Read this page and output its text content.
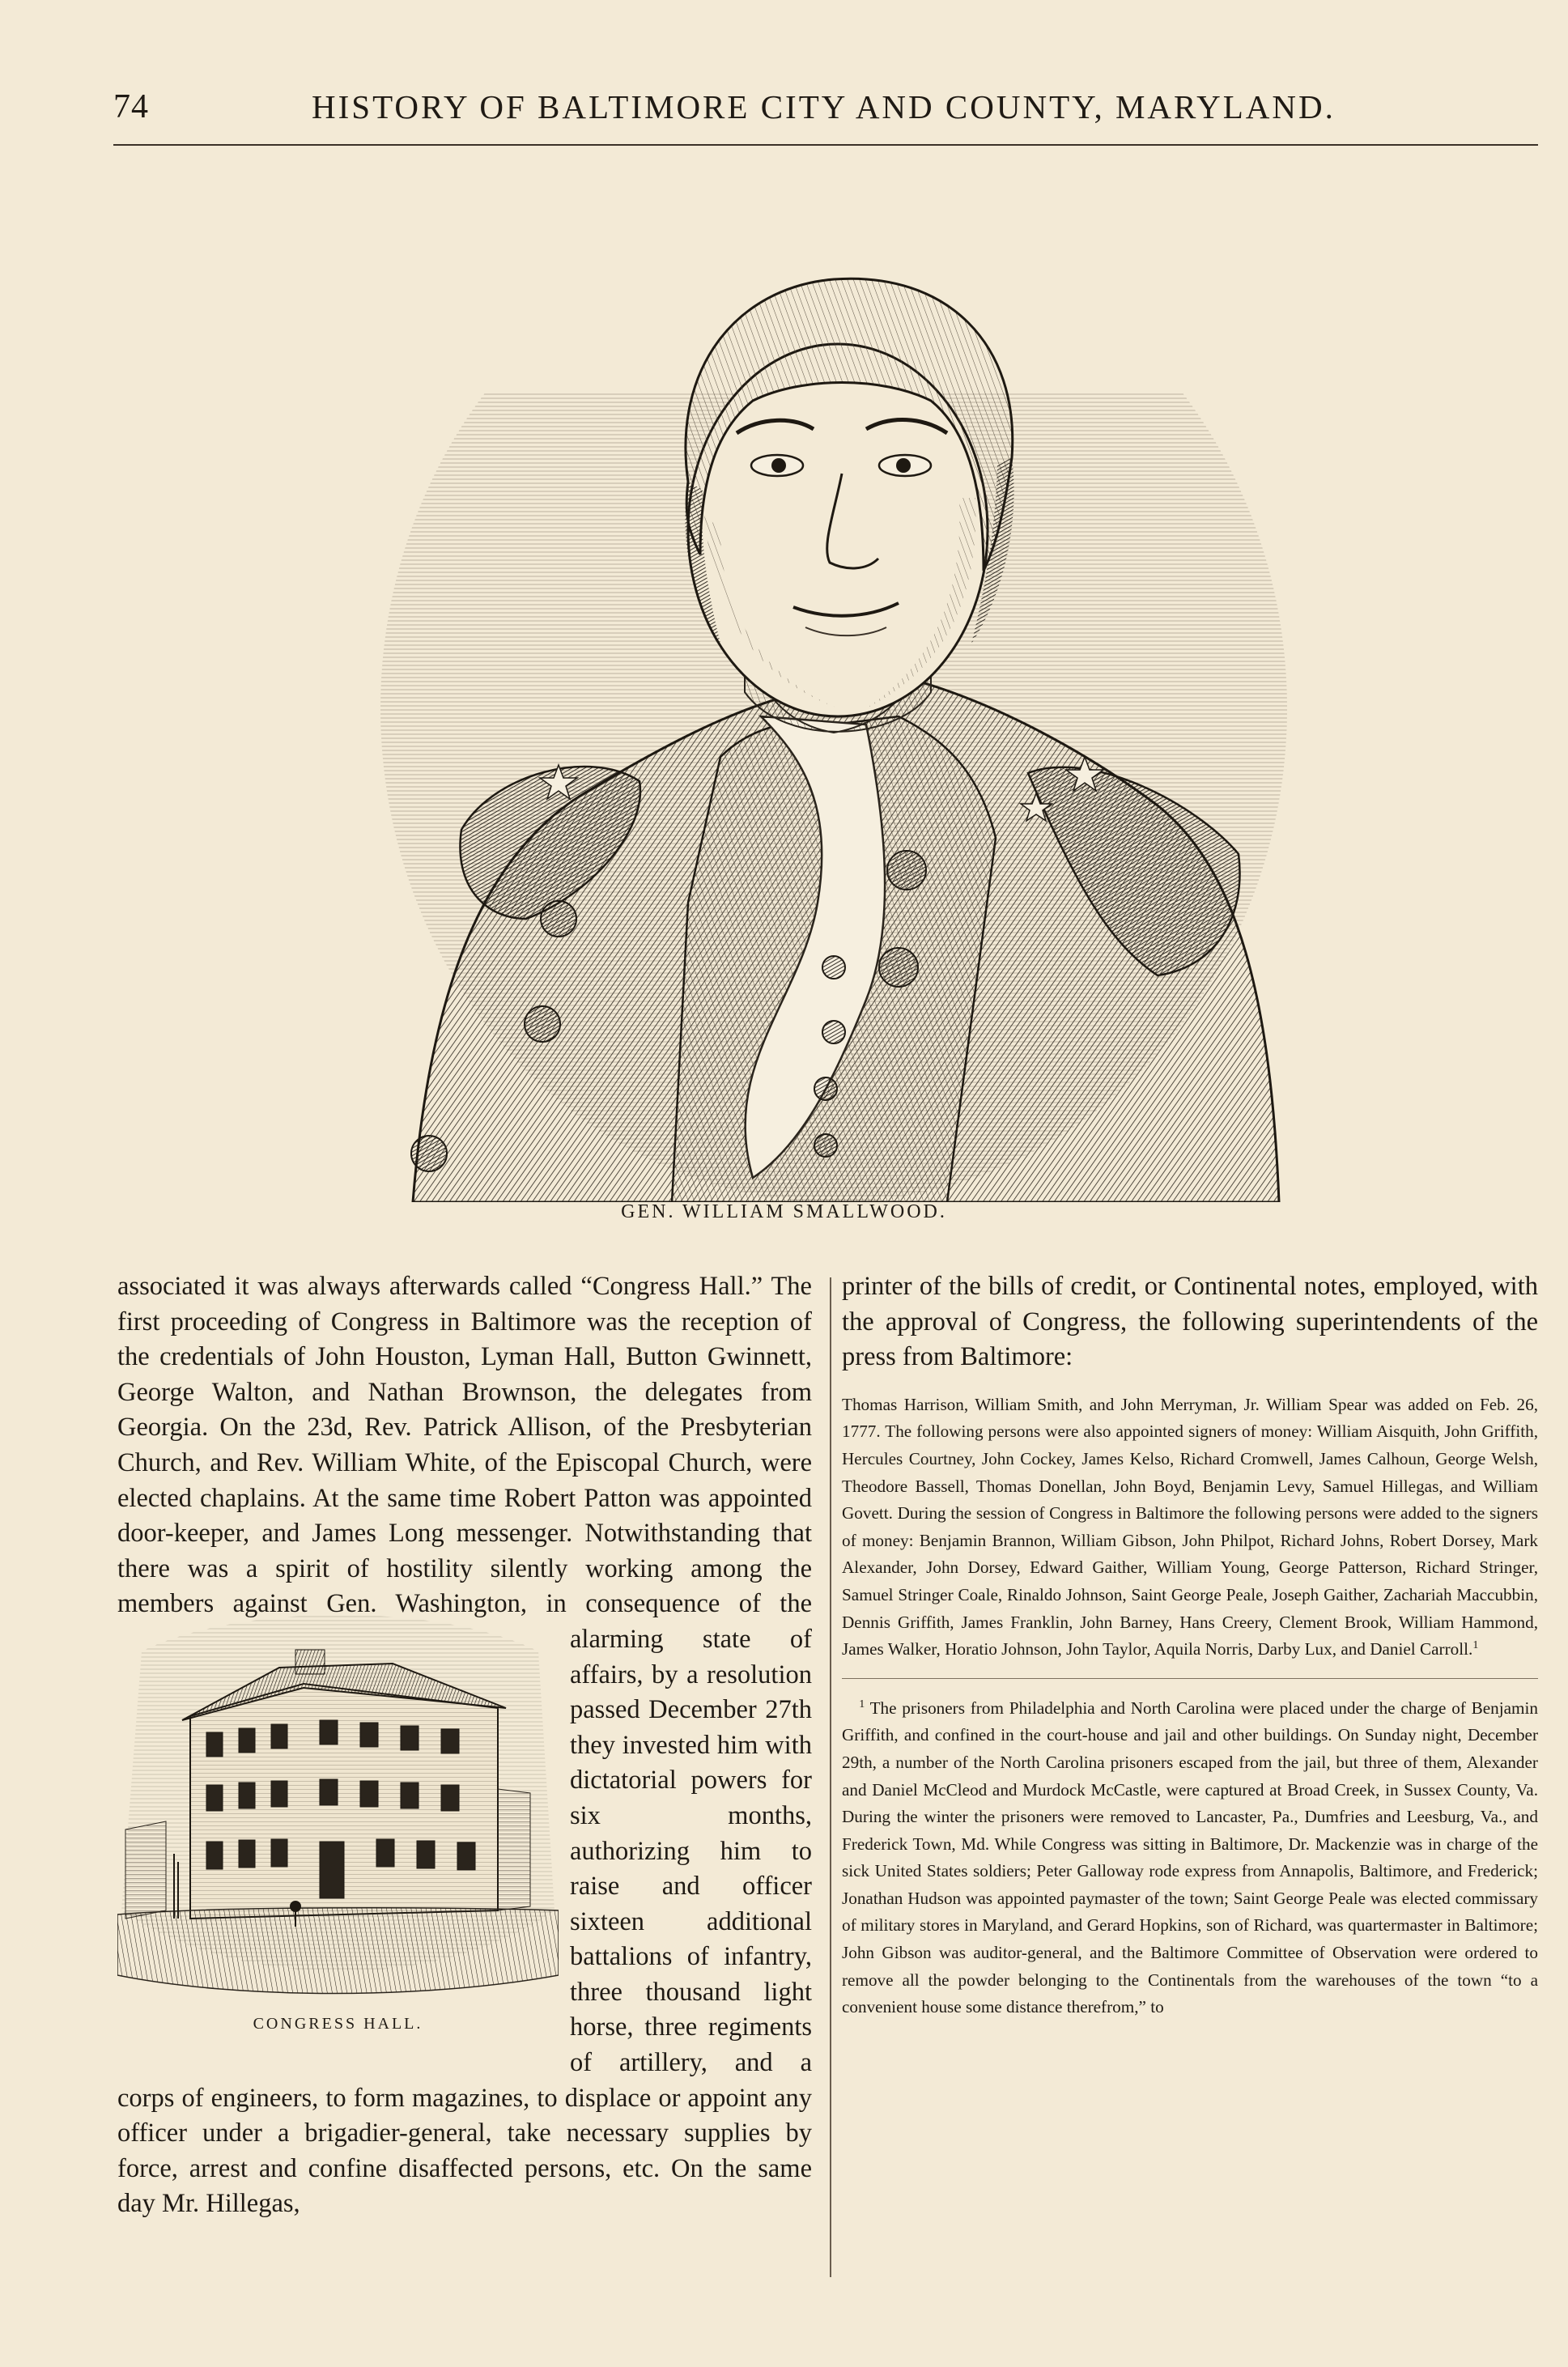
74	HISTORY OF BALTIMORE CITY AND COUNTY, MARYLAND.
GEN. WILLIAM SMALLWOOD.

associated it was always afterwards called “Congress Hall.” The first proceeding of Congress in Baltimore was the reception of the credentials of John Houston, Lyman Hall, Button Gwinnett, George Walton, and Nathan Brownson, the delegates from Georgia. On the 23d, Rev. Patrick Allison, of the Presbyterian Church, and Rev. William White, of the Episcopal Church, were elected chaplains. At the same time Robert Patton was appointed door-keeper, and James Long messenger. Notwithstanding that there was a spirit of hostility silently working among the members against
CONGRESS HALL.
Gen. Washington, in consequence of the alarming state of affairs, by a resolution passed December 27th they invested him with dictatorial powers for six months, authorizing him to raise and officer sixteen additional battalions of infantry, three thousand light horse, three regiments of artillery, and a corps of engineers, to form magazines, to displace or appoint any officer under a brigadier-general, take necessary supplies by force, arrest and confine disaffected persons, etc. On the same day Mr. Hillegas,

printer of the bills of credit, or Continental notes, employed, with the approval of Congress, the following superintendents of the press from Baltimore:

Thomas Harrison, William Smith, and John Merryman, Jr. William Spear was added on Feb. 26, 1777. The following persons were also appointed signers of money: William Aisquith, John Griffith, Hercules Courtney, John Cockey, James Kelso, Richard Cromwell, James Calhoun, George Welsh, Theodore Bassell, Thomas Donellan, John Boyd, Benjamin Levy, Samuel Hillegas, and William Govett. During the session of Congress in Baltimore the following persons were added to the signers of money: Benjamin Brannon, William Gibson, John Philpot, Richard Johns, Robert Dorsey, Mark Alexander, John Dorsey, Edward Gaither, William Young, George Patterson, Richard Stringer, Samuel Stringer Coale, Rinaldo Johnson, Saint George Peale, Joseph Gaither, Zachariah Maccubbin, Dennis Griffith, James Franklin, John Barney, Hans Creery, Clement Brook, William Hammond, James Walker, Horatio Johnson, John Taylor, Aquila Norris, Darby Lux, and Daniel Carroll.$^1$

 $^1$ The prisoners from Philadelphia and North Carolina were placed under the charge of Benjamin Griffith, and confined in the court-house and jail and other buildings. On Sunday night, December 29th, a number of the North Carolina prisoners escaped from the jail, but three of them, Alexander and Daniel McCleod and Murdock McCastle, were captured at Broad Creek, in Sussex County, Va. During the winter the prisoners were removed to Lancaster, Pa., Dumfries and Leesburg, Va., and Frederick Town, Md. While Congress was sitting in Baltimore, Dr. Mackenzie was in charge of the sick United States soldiers; Peter Galloway rode express from Annapolis, Baltimore, and Frederick; Jonathan Hudson was appointed paymaster of the town; Saint George Peale was elected commissary of military stores in Maryland, and Gerard Hopkins, son of Richard, was quartermaster in Baltimore; John Gibson was auditor-general, and the Baltimore Committee of Observation were ordered to remove all the powder belonging to the Continentals from the warehouses of the town “to a convenient house some distance therefrom,” to
